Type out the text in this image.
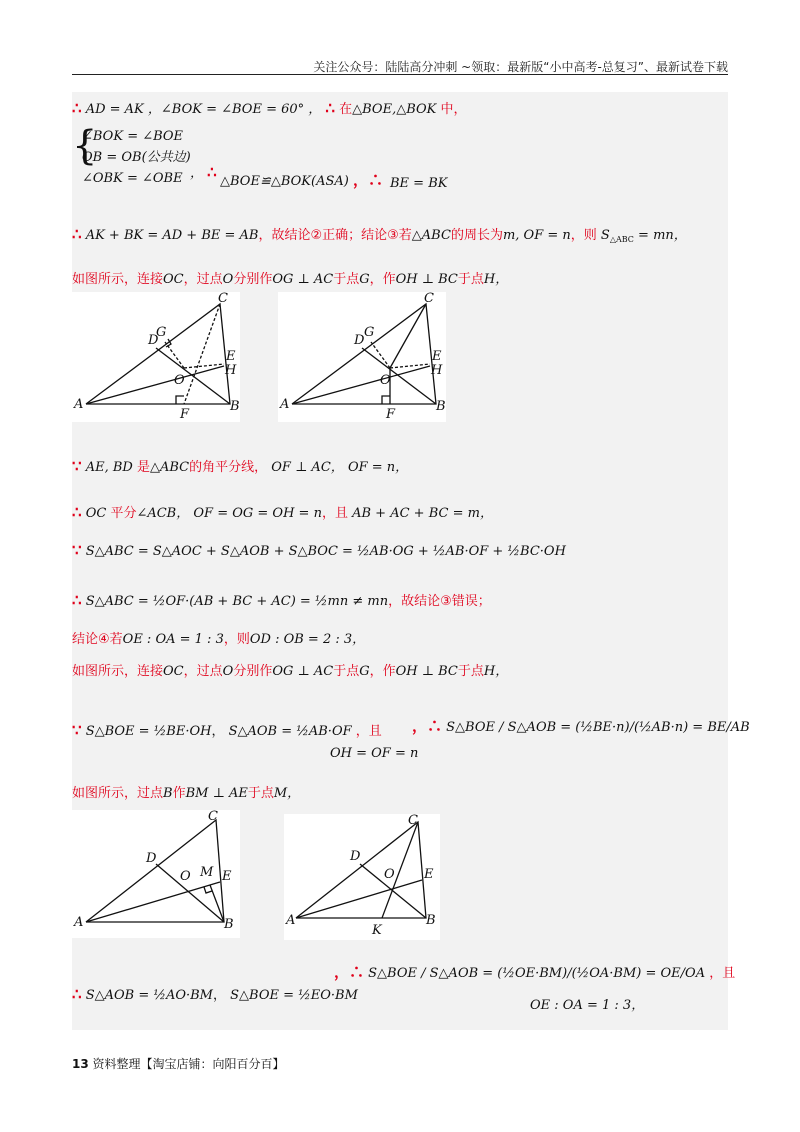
关注公众号：陆陆高分冲刺 ~领取：最新版“小中高考-总复习”、最新试卷下载
∴ AD = AK ，∠BOK = ∠BOE = 60° ， ∴ 在△BOE,△BOK 中，
{
∠BOK = ∠BOE
OB = OB(公共边)
∠OBK = ∠OBE ， ∴
△BOE≌△BOK(ASA) ，∴ BE = BK
∴ AK + BK = AD + BE = AB，故结论②正确；结论③若△ABC的周长为m, OF = n，则 $S_{\triangle ABC}$ = mn，
如图所示，连接OC，过点O分别作OG ⊥ AC于点G，作OH ⊥ BC于点H，
A	B
C
D
E
F
G
H
O
A	B
C
D
E
F
G
H
O
∵ AE, BD 是△ABC的角平分线， OF ⊥ AC， OF = n，
∴ OC 平分∠ACB， OF = OG = OH = n，且 AB + AC + BC = m，
∵ S△ABC = S△AOC + S△AOB + S△BOC = ½AB·OG + ½AB·OF + ½BC·OH
∴ S△ABC = ½OF·(AB + BC + AC) = ½mn ≠ mn，故结论③错误；
结论④若OE : OA = 1 : 3，则OD : OB = 2 : 3，
如图所示，连接OC，过点O分别作OG ⊥ AC于点G，作OH ⊥ BC于点H，
∵ S△BOE = ½BE·OH， S△AOB = ½AB·OF ，且
OH = OF = n
，∴ S△BOE / S△AOB = (½BE·n)/(½AB·n) = BE/AB
如图所示，过点B作BM ⊥ AE于点M，
A	B
C
D
E
O M
A	B
C
D
E
O
K
∴ S△AOB = ½AO·BM， S△BOE = ½EO·BM
，∴ S△BOE / S△AOB = (½OE·BM)/(½OA·BM) = OE/OA ，且
OE : OA = 1 : 3，
13 资料整理【淘宝店铺：向阳百分百】
